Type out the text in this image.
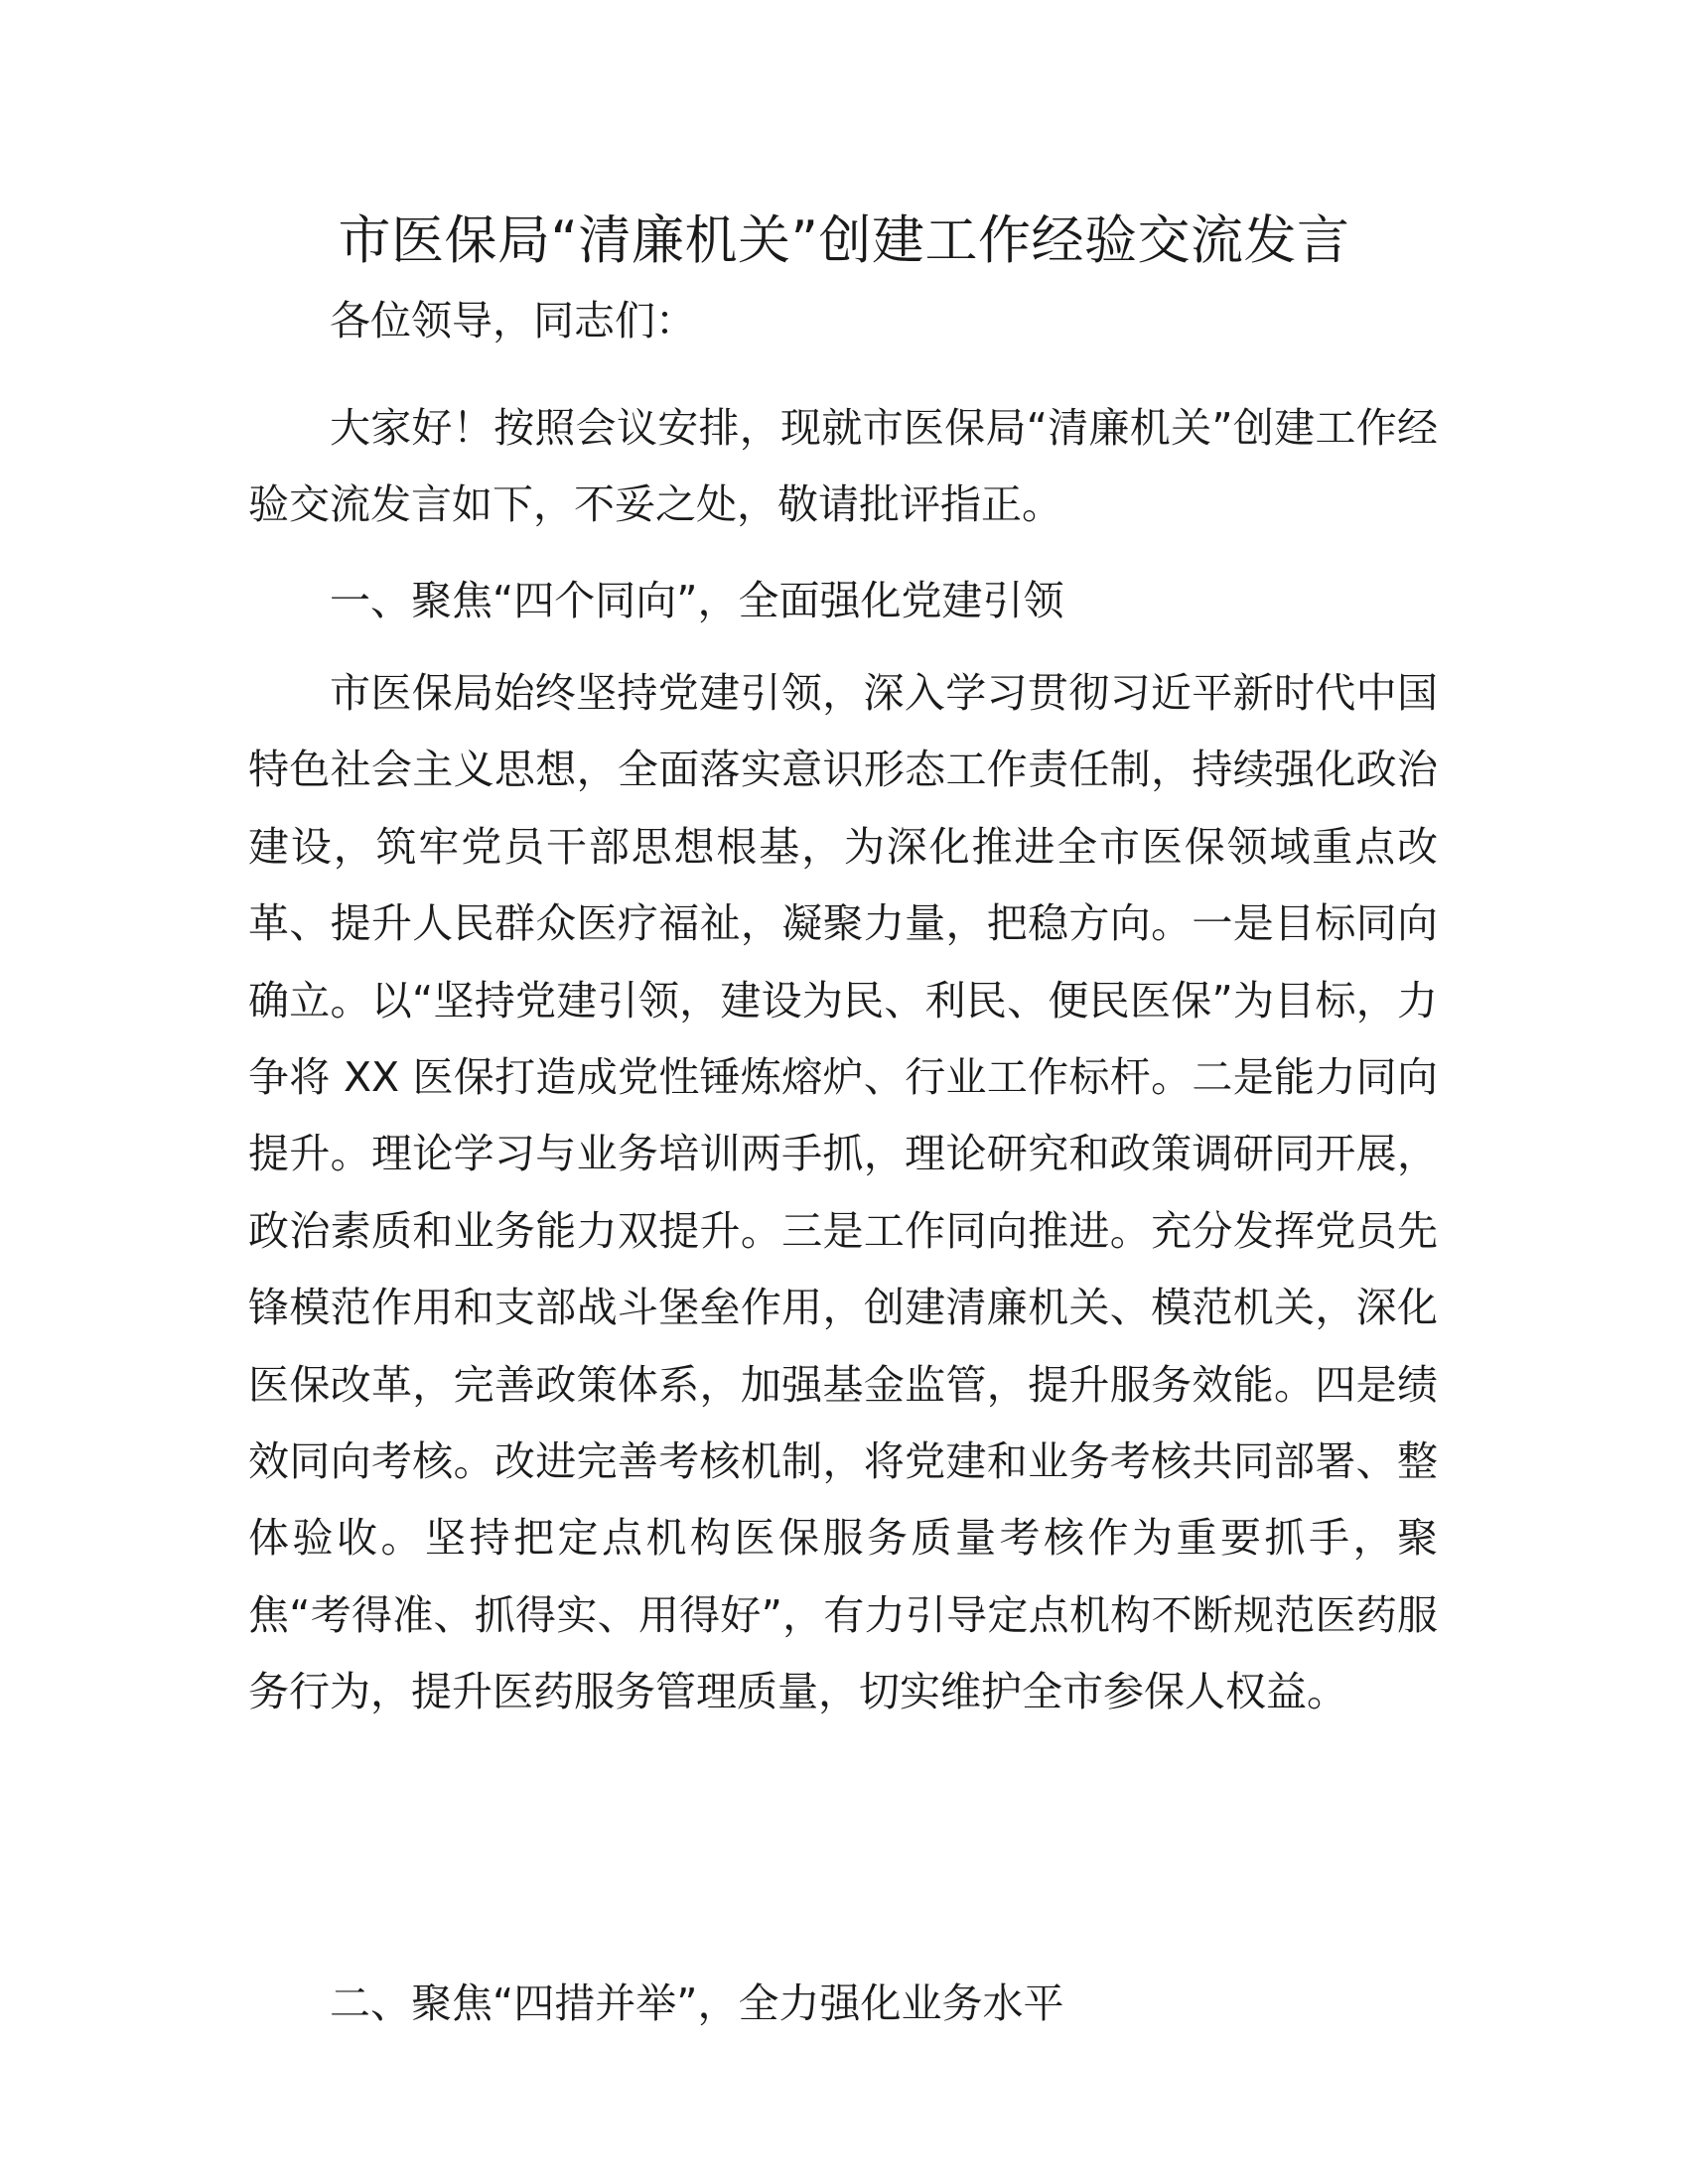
市医保局“清廉机关”创建工作经验交流发言

各位领导，同志们：

大家好！按照会议安排，现就市医保局“清廉机关”创建工作经验交流发言如下，不妥之处，敬请批评指正。

一、聚焦“四个同向”，全面强化党建引领

市医保局始终坚持党建引领，深入学习贯彻习近平新时代中国特色社会主义思想，全面落实意识形态工作责任制，持续强化政治建设，筑牢党员干部思想根基，为深化推进全市医保领域重点改革、提升人民群众医疗福祉，凝聚力量，把稳方向。一是目标同向确立。以“坚持党建引领，建设为民、利民、便民医保”为目标，力争将 XX 医保打造成党性锤炼熔炉、行业工作标杆。二是能力同向提升。理论学习与业务培训两手抓，理论研究和政策调研同开展，政治素质和业务能力双提升。三是工作同向推进。充分发挥党员先锋模范作用和支部战斗堡垒作用，创建清廉机关、模范机关，深化医保改革，完善政策体系，加强基金监管，提升服务效能。四是绩效同向考核。改进完善考核机制，将党建和业务考核共同部署、整体验收。坚持把定点机构医保服务质量考核作为重要抓手，聚焦“考得准、抓得实、用得好”，有力引导定点机构不断规范医药服务行为，提升医药服务管理质量，切实维护全市参保人权益。

二、聚焦“四措并举”，全力强化业务水平
